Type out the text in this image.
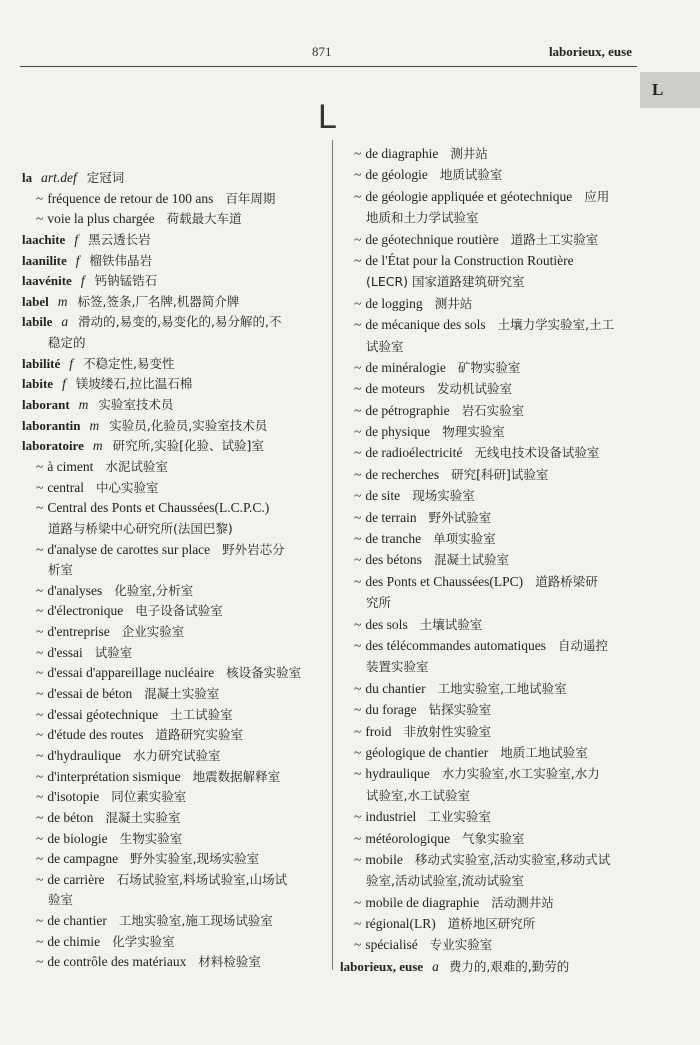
871	laborieux, euse
L
L
la art.def 定冠词
~ fréquence de retour de 100 ans 百年周期
~ voie la plus chargée 荷载最大车道
laachite f 黑云透长岩
laanilite f 榴铁伟晶岩
laavénite f 钙钠锰锆石
label m 标签,签条,厂名牌,机器简介牌
labile a 滑动的,易变的,易变化的,易分解的,不
稳定的
labilité f 不稳定性,易变性
labite f 镁坡缕石,拉比温石棉
laborant m 实验室技术员
laborantin m 实验员,化验员,实验室技术员
laboratoire m 研究所,实验[化验、试验]室
~ à ciment 水泥试验室
~ central 中心实验室
~ Central des Ponts et Chaussées(L.C.P.C.)
道路与桥梁中心研究所(法国巴黎)
~ d'analyse de carottes sur place 野外岩芯分
析室
~ d'analyses 化验室,分析室
~ d'électronique 电子设备试验室
~ d'entreprise 企业实验室
~ d'essai 试验室
~ d'essai d'appareillage nucléaire 核设备实验室
~ d'essai de béton 混凝土实验室
~ d'essai géotechnique 土工试验室
~ d'étude des routes 道路研究实验室
~ d'hydraulique 水力研究试验室
~ d'interprétation sismique 地震数据解释室
~ d'isotopie 同位素实验室
~ de béton 混凝土实验室
~ de biologie 生物实验室
~ de campagne 野外实验室,现场实验室
~ de carrière 石场试验室,料场试验室,山场试
验室
~ de chantier 工地实验室,施工现场试验室
~ de chimie 化学实验室
~ de contrôle des matériaux 材料检验室
~ de diagraphie 测井站
~ de géologie 地质试验室
~ de géologie appliquée et géotechnique 应用
地质和土力学试验室
~ de géotechnique routière 道路土工实验室
~ de l'État pour la Construction Routière
(LECR) 国家道路建筑研究室
~ de logging 测井站
~ de mécanique des sols 土壤力学实验室,土工
试验室
~ de minéralogie 矿物实验室
~ de moteurs 发动机试验室
~ de pétrographie 岩石实验室
~ de physique 物理实验室
~ de radioélectricité 无线电技术设备试验室
~ de recherches 研究[科研]试验室
~ de site 现场实验室
~ de terrain 野外试验室
~ de tranche 单项实验室
~ des bétons 混凝土试验室
~ des Ponts et Chaussées(LPC) 道路桥梁研
究所
~ des sols 土壤试验室
~ des télécommandes automatiques 自动遥控
装置实验室
~ du chantier 工地实验室,工地试验室
~ du forage 钻探实验室
~ froid 非放射性实验室
~ géologique de chantier 地质工地试验室
~ hydraulique 水力实验室,水工实验室,水力
试验室,水工试验室
~ industriel 工业实验室
~ météorologique 气象实验室
~ mobile 移动式实验室,活动实验室,移动式试
验室,活动试验室,流动试验室
~ mobile de diagraphie 活动测井站
~ régional(LR) 道桥地区研究所
~ spécialisé 专业实验室
laborieux, euse a 费力的,艰难的,勤劳的
